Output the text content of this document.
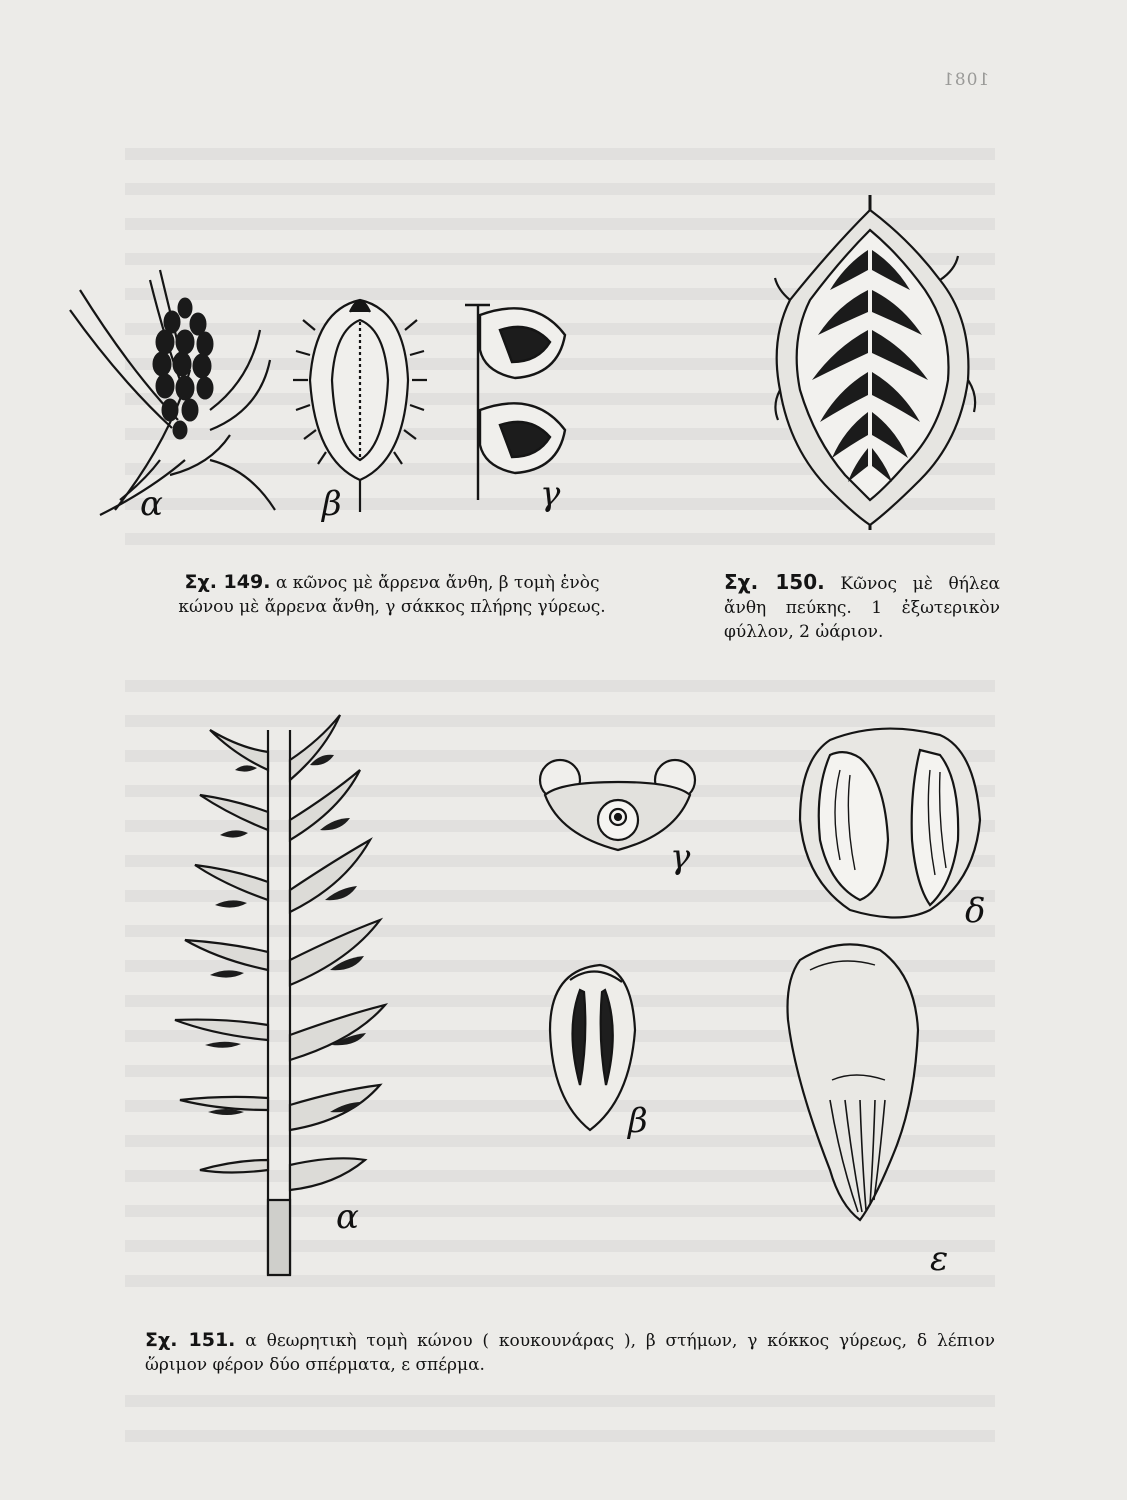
1081
α	β	γ

Σχ. 149. α κῶνος μὲ ἄρρενα ἄνθη, β τομὴ ἑνὸς κώνου μὲ ἄρρενα ἄνθη, γ σάκκος πλήρης γύρεως.

Σχ. 150. Κῶνος μὲ θήλεα ἄνθη πεύκης. 1 ἐξωτερικὸν φύλλον, 2 ὠάριον.

α
β
γ
δ
ε

Σχ. 151. α θεωρητικὴ τομὴ κώνου ( κουκουνάρας ), β στήμων, γ κόκκος γύρεως, δ λέπιον ὥριμον φέρον δύο σπέρματα, ε σπέρμα.
